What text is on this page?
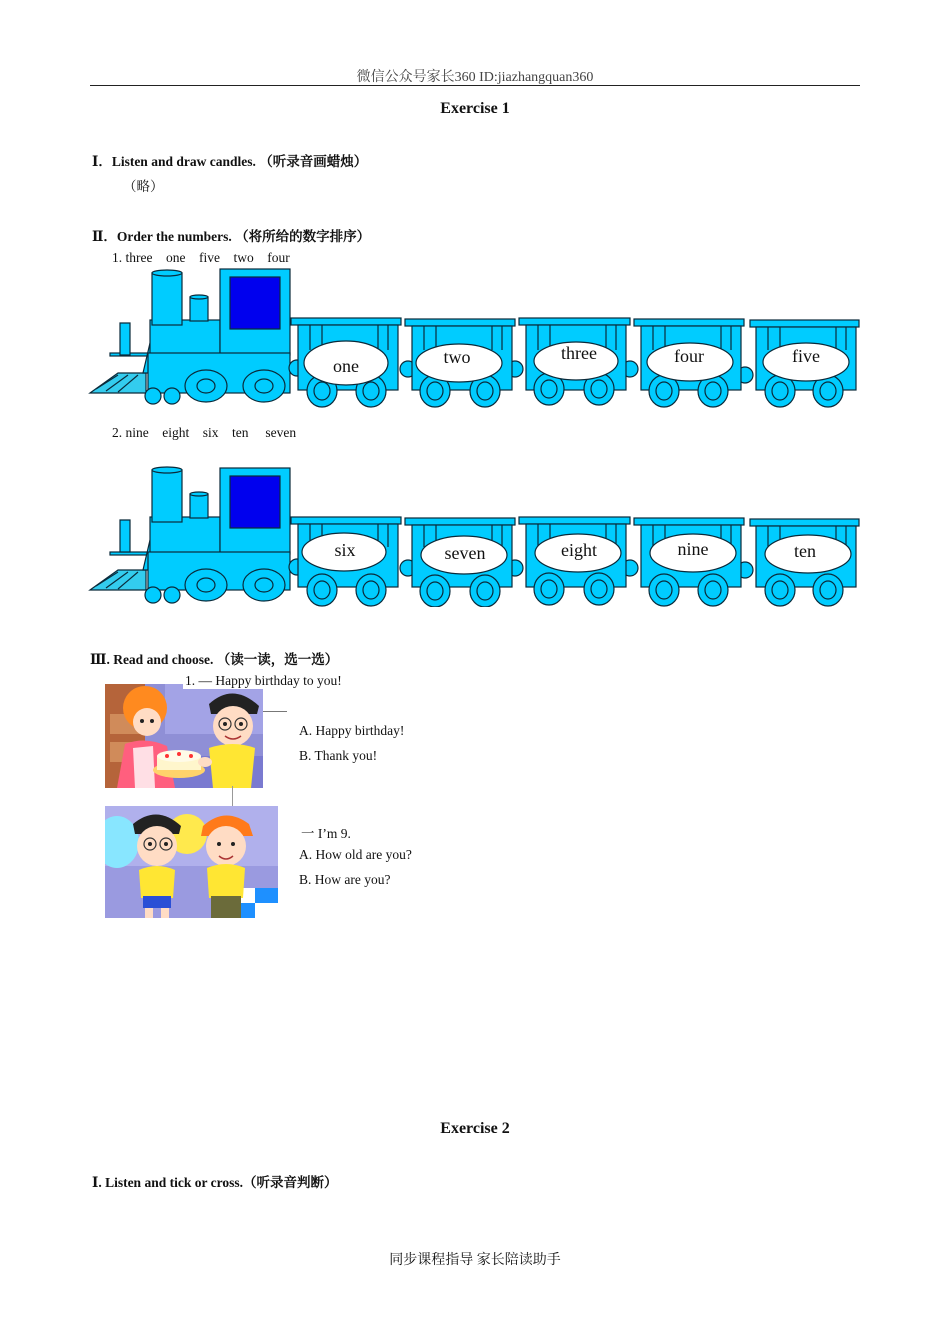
微信公众号家长360 ID:jiazhangquan360
Exercise 1
Ⅰ．Listen and draw candles. （听录音画蜡烛）
（略）
Ⅱ．Order the numbers. （将所给的数字排序）
1. three    one    five    two    four
one	two	three	four	five
2. nine    eight    six    ten     seven
six	seven	eight	nine	ten
Ⅲ. Read and choose. （读一读，选一选）
1. — Happy birthday to you!
A. Happy birthday!
B. Thank you!
一 I’m 9.
A. How old are you?
B. How are you?
Exercise 2
Ⅰ. Listen and tick or cross.（听录音判断）
同步课程指导 家长陪读助手
